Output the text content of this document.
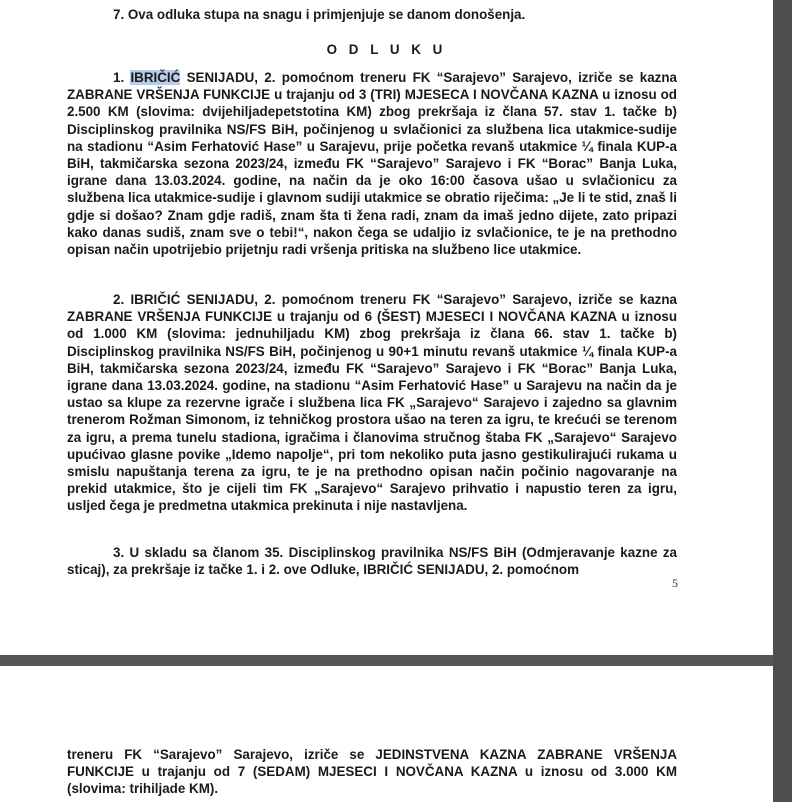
7. Ova odluka stupa na snagu i primjenjuje se danom donošenja.

O D L U K U

1. IBRIČIĆ SENIJADU, 2. pomoćnom treneru FK “Sarajevo” Sarajevo, izriče se kazna ZABRANE VRŠENJA FUNKCIJE u trajanju od 3 (TRI) MJESECA I NOVČANA KAZNA u iznosu od 2.500 KM (slovima: dvijehiljadepetstotina KM) zbog prekršaja iz člana 57. stav 1. tačke b) Disciplinskog pravilnika NS/FS BiH, počinjenog u svlačionici za službena lica utakmice-sudije na stadionu “Asim Ferhatović Hase” u Sarajevu, prije početka revanš utakmice ¼ finala KUP-a BiH, takmičarska sezona 2023/24, između FK “Sarajevo” Sarajevo i FK “Borac” Banja Luka, igrane dana 13.03.2024. godine, na način da je oko 16:00 časova ušao u svlačionicu za službena lica utakmice-sudije i glavnom sudiji utakmice se obratio riječima: „Je li te stid, znaš li gdje si došao? Znam gdje radiš, znam šta ti žena radi, znam da imaš jedno dijete, zato pripazi kako danas sudiš, znam sve o tebi!“, nakon čega se udaljio iz svlačionice, te je na prethodno opisan način upotrijebio prijetnju radi vršenja pritiska na službeno lice utakmice.

2. IBRIČIĆ SENIJADU, 2. pomoćnom treneru FK “Sarajevo” Sarajevo, izriče se kazna ZABRANE VRŠENJA FUNKCIJE u trajanju od 6 (ŠEST) MJESECI I NOVČANA KAZNA u iznosu od 1.000 KM (slovima: jednuhiljadu KM) zbog prekršaja iz člana 66. stav 1. tačke b) Disciplinskog pravilnika NS/FS BiH, počinjenog u 90+1 minutu revanš utakmice ¼ finala KUP-a BiH, takmičarska sezona 2023/24, između FK “Sarajevo” Sarajevo i FK “Borac” Banja Luka, igrane dana 13.03.2024. godine, na stadionu “Asim Ferhatović Hase” u Sarajevu na način da je ustao sa klupe za rezervne igrače i službena lica FK „Sarajevo“ Sarajevo i zajedno sa glavnim trenerom Rožman Simonom, iz tehničkog prostora ušao na teren za igru, te krećući se terenom za igru, a prema tunelu stadiona, igračima i članovima stručnog štaba FK „Sarajevo“ Sarajevo upućivao glasne povike „Idemo napolje“, pri tom nekoliko puta jasno gestikulirajući rukama u smislu napuštanja terena za igru, te je na prethodno opisan način počinio nagovaranje na prekid utakmice, što je cijeli tim FK „Sarajevo“ Sarajevo prihvatio i napustio teren za igru, usljed čega je predmetna utakmica prekinuta i nije nastavljena.

3. U skladu sa članom 35. Disciplinskog pravilnika NS/FS BiH (Odmjeravanje kazne za sticaj), za prekršaje iz tačke 1. i 2. ove Odluke, IBRIČIĆ SENIJADU, 2. pomoćnom

5

treneru FK “Sarajevo” Sarajevo, izriče se JEDINSTVENA KAZNA ZABRANE VRŠENJA FUNKCIJE u trajanju od 7 (SEDAM) MJESECI I NOVČANA KAZNA u iznosu od 3.000 KM (slovima: trihiljade KM).
